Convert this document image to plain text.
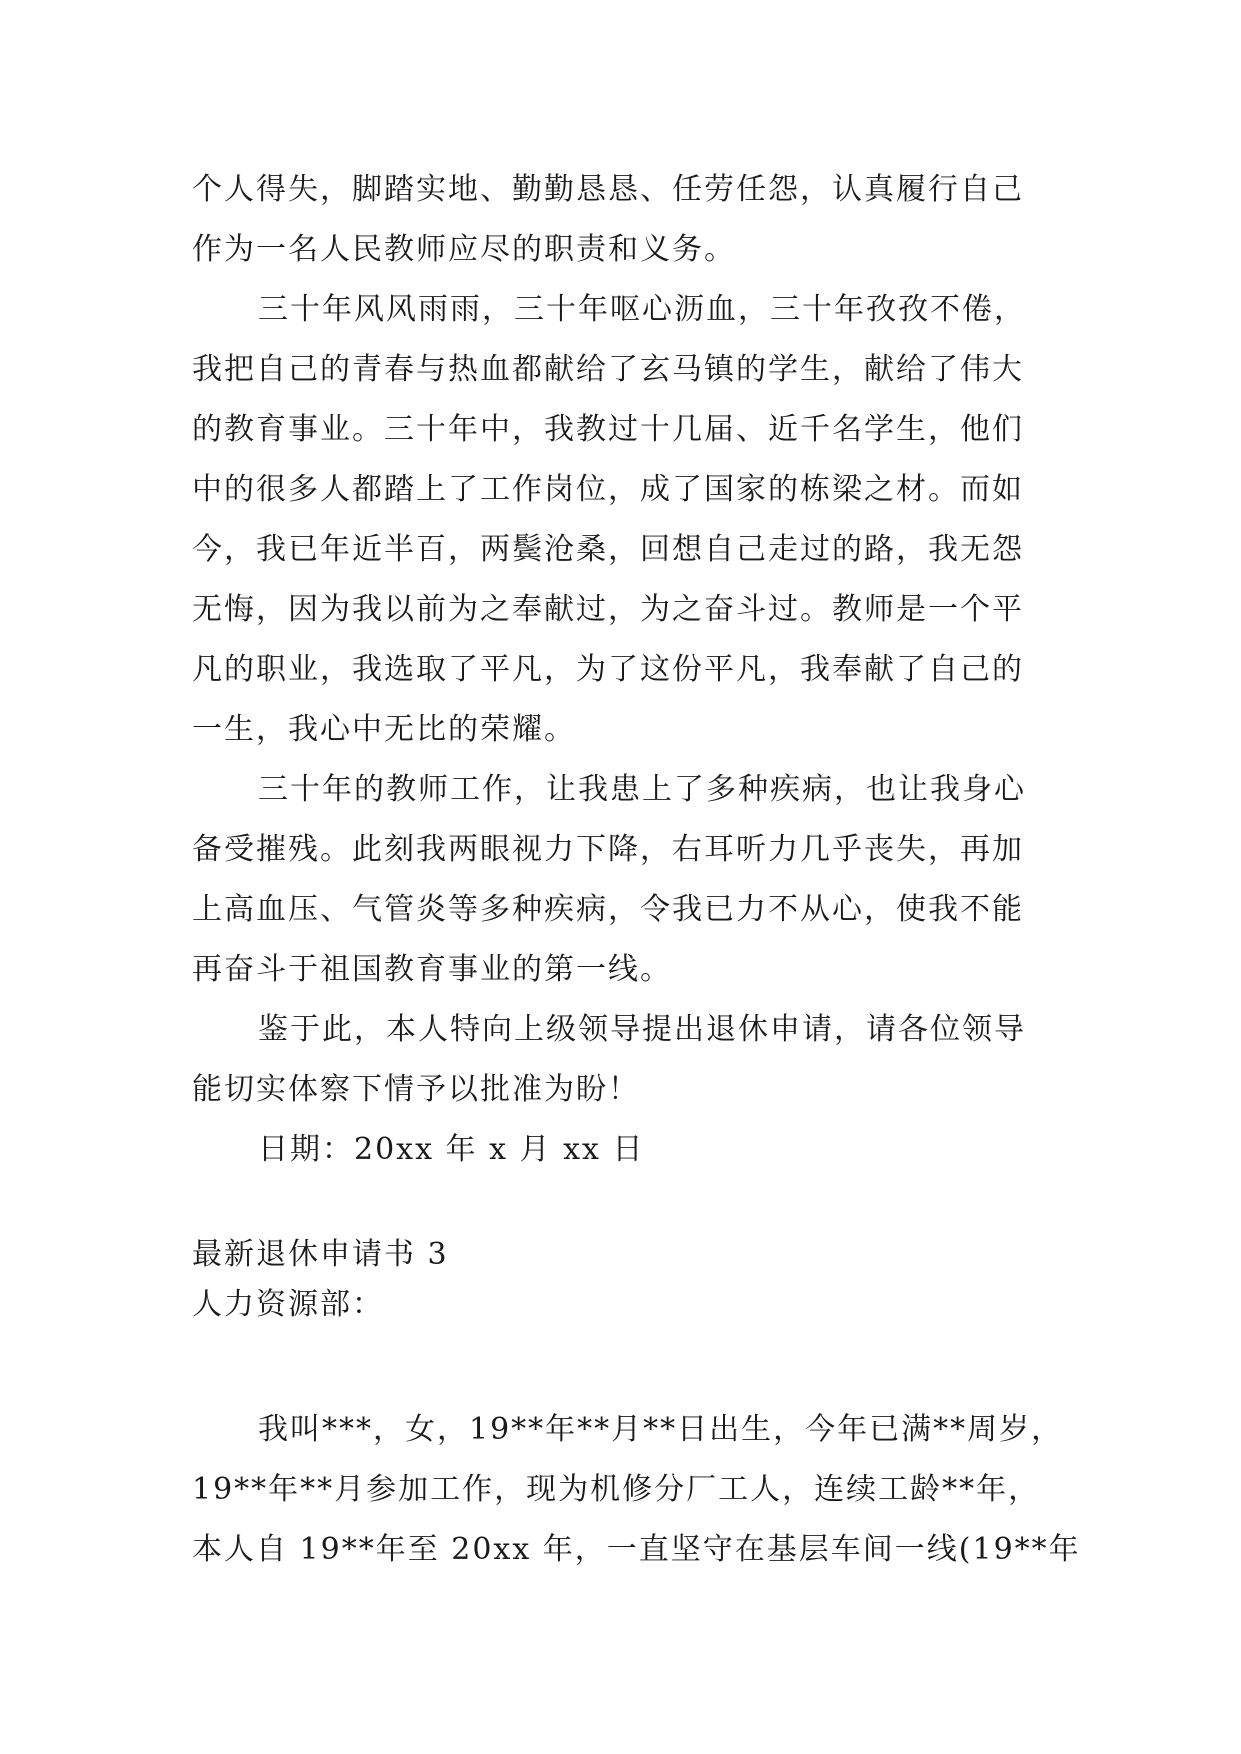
个人得失，脚踏实地、勤勤恳恳、任劳任怨，认真履行自己
作为一名人民教师应尽的职责和义务。
三十年风风雨雨，三十年呕心沥血，三十年孜孜不倦，
我把自己的青春与热血都献给了玄马镇的学生，献给了伟大
的教育事业。三十年中，我教过十几届、近千名学生，他们
中的很多人都踏上了工作岗位，成了国家的栋梁之材。而如
今，我已年近半百，两鬓沧桑，回想自己走过的路，我无怨
无悔，因为我以前为之奉献过，为之奋斗过。教师是一个平
凡的职业，我选取了平凡，为了这份平凡，我奉献了自己的
一生，我心中无比的荣耀。
三十年的教师工作，让我患上了多种疾病，也让我身心
备受摧残。此刻我两眼视力下降，右耳听力几乎丧失，再加
上高血压、气管炎等多种疾病，令我已力不从心，使我不能
再奋斗于祖国教育事业的第一线。
鉴于此，本人特向上级领导提出退休申请，请各位领导
能切实体察下情予以批准为盼！
日期：20xx 年 x 月 xx 日
最新退休申请书 3
人力资源部：
我叫***，女，19**年**月**日出生，今年已满**周岁，
19**年**月参加工作，现为机修分厂工人，连续工龄**年，
本人自 19**年至 20xx 年，一直坚守在基层车间一线(19**年
